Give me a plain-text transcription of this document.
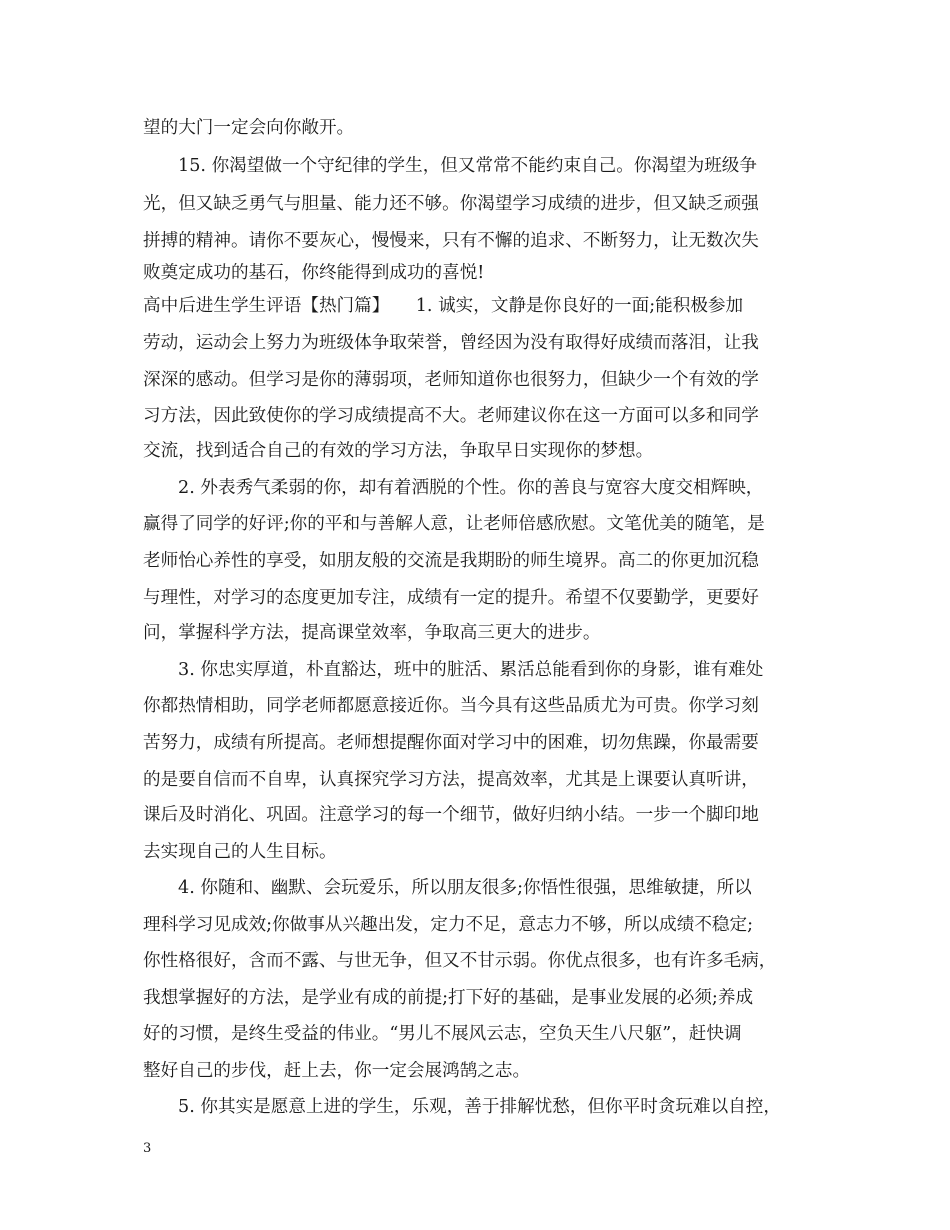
望的大门一定会向你敞开。
15. 你渴望做一个守纪律的学生，但又常常不能约束自己。你渴望为班级争
光，但又缺乏勇气与胆量、能力还不够。你渴望学习成绩的进步，但又缺乏顽强
拼搏的精神。请你不要灰心，慢慢来，只有不懈的追求、不断努力，让无数次失
败奠定成功的基石，你终能得到成功的喜悦!
高中后进生学生评语【热门篇】　　1. 诚实，文静是你良好的一面;能积极参加
劳动，运动会上努力为班级体争取荣誉，曾经因为没有取得好成绩而落泪，让我
深深的感动。但学习是你的薄弱项，老师知道你也很努力，但缺少一个有效的学
习方法，因此致使你的学习成绩提高不大。老师建议你在这一方面可以多和同学
交流，找到适合自己的有效的学习方法，争取早日实现你的梦想。
2. 外表秀气柔弱的你，却有着洒脱的个性。你的善良与宽容大度交相辉映，
赢得了同学的好评;你的平和与善解人意，让老师倍感欣慰。文笔优美的随笔，是
老师怡心养性的享受，如朋友般的交流是我期盼的师生境界。高二的你更加沉稳
与理性，对学习的态度更加专注，成绩有一定的提升。希望不仅要勤学，更要好
问，掌握科学方法，提高课堂效率，争取高三更大的进步。
3. 你忠实厚道，朴直豁达，班中的脏活、累活总能看到你的身影，谁有难处
你都热情相助，同学老师都愿意接近你。当今具有这些品质尤为可贵。你学习刻
苦努力，成绩有所提高。老师想提醒你面对学习中的困难，切勿焦躁，你最需要
的是要自信而不自卑，认真探究学习方法，提高效率，尤其是上课要认真听讲，
课后及时消化、巩固。注意学习的每一个细节，做好归纳小结。一步一个脚印地
去实现自己的人生目标。
4. 你随和、幽默、会玩爱乐，所以朋友很多;你悟性很强，思维敏捷，所以
理科学习见成效;你做事从兴趣出发，定力不足，意志力不够，所以成绩不稳定;
你性格很好，含而不露、与世无争，但又不甘示弱。你优点很多，也有许多毛病，
我想掌握好的方法，是学业有成的前提;打下好的基础，是事业发展的必须;养成
好的习惯，是终生受益的伟业。“男儿不展风云志，空负天生八尺躯”，赶快调
整好自己的步伐，赶上去，你一定会展鸿鹄之志。
5. 你其实是愿意上进的学生，乐观，善于排解忧愁，但你平时贪玩难以自控，
3
